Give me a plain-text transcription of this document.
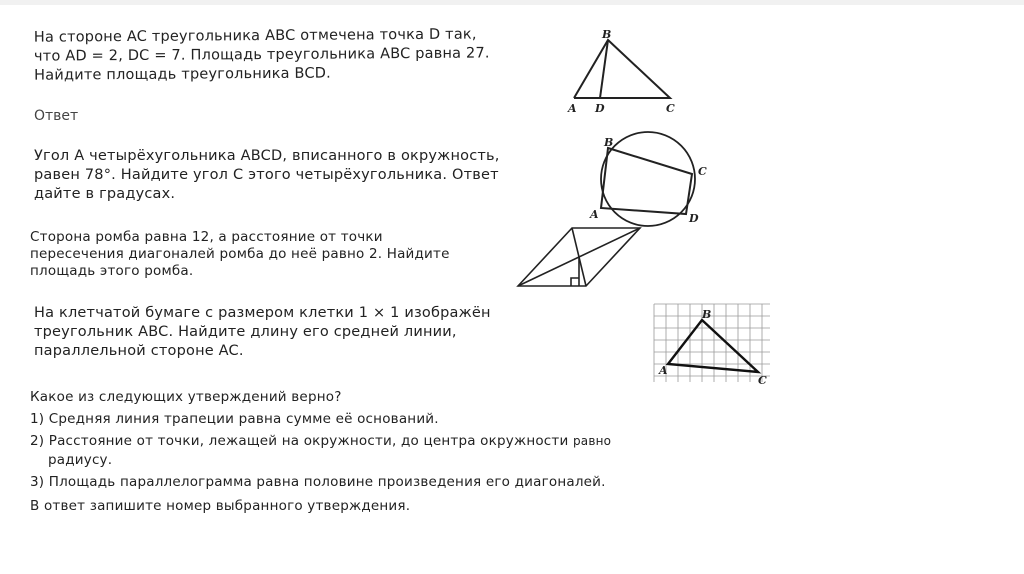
На стороне AC треугольника ABC отмечена точка D так,

что AD = 2, DC = 7. Площадь треугольника ABC равна 27.

Найдите площадь треугольника BCD.

Ответ
B
A D	C

Угол A четырёхугольника ABCD, вписанного в окружность,

равен 78°. Найдите угол C этого четырёхугольника. Ответ

дайте в градусах.

B
C
D
A

Сторона ромба равна 12, а расстояние от точки

пересечения диагоналей ромба до неё равно 2. Найдите

площадь этого ромба.

На клетчатой бумаге с размером клетки 1 × 1 изображён

треугольник ABC. Найдите длину его средней линии,

параллельной стороне AC.

B
A
C

Какое из следующих утверждений верно?

1) Средняя линия трапеции равна сумме её оснований.

2) Расстояние от точки, лежащей на окружности, до центра окружности равно
радиусу.

3) Площадь параллелограмма равна половине произведения его диагоналей.

В ответ запишите номер выбранного утверждения.
